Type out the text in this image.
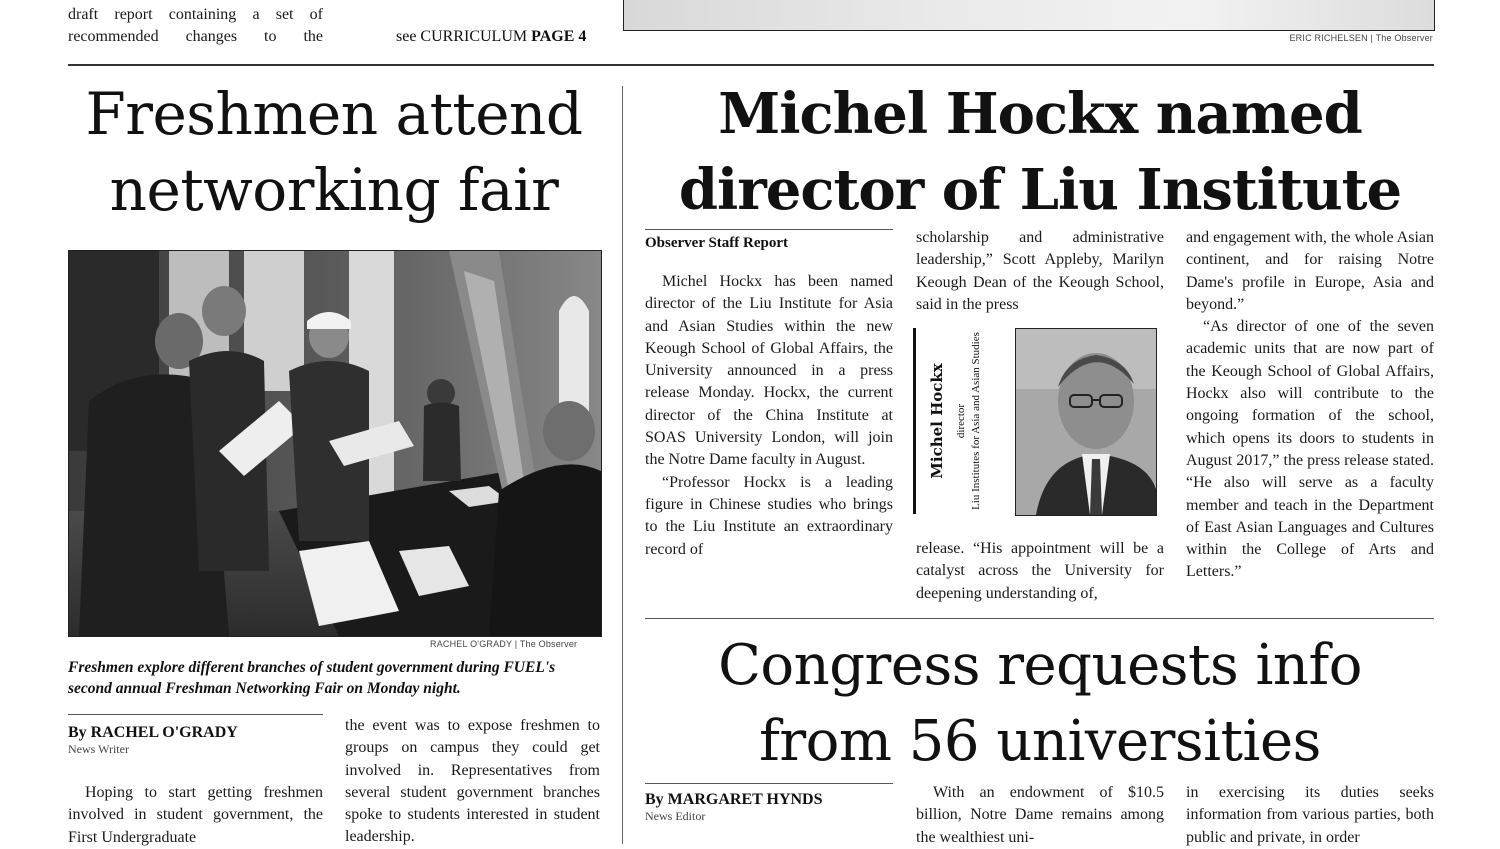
draft report containing a set of
recommended changes to the	see CURRICULUM PAGE 4	ERIC RICHELSEN | The Observer
Freshmen attend
networking fair
RACHEL O'GRADY | The Observer
Freshmen explore different branches of student government during FUEL's second annual Freshman Networking Fair on Monday night.
By RACHEL O'GRADY
News Writer

Hoping to start getting freshmen involved in student government, the First Undergraduate

the event was to expose freshmen to groups on campus they could get involved in. Representatives from several student government branches spoke to students interested in student leadership.

Michel Hockx named
director of Liu Institute
Observer Staff Report

Michel Hockx has been named director of the Liu Institute for Asia and Asian Studies within the new Keough School of Global Affairs, the University announced in a press release Monday. Hockx, the current director of the China Institute at SOAS University London, will join the Notre Dame faculty in August.

“Professor Hockx is a leading figure in Chinese studies who brings to the Liu Institute an extraordinary record of

scholarship and administrative leadership,” Scott Appleby, Marilyn Keough Dean of the Keough School, said in the press

Michel Hockx director Liu Institutes for Asia and Asian Studies

release. “His appointment will be a catalyst across the University for deepening understanding of,

and engagement with, the whole Asian continent, and for raising Notre Dame's profile in Europe, Asia and beyond.”

“As director of one of the seven academic units that are now part of the Keough School of Global Affairs, Hockx also will contribute to the ongoing formation of the school, which opens its doors to students in August 2017,” the press release stated. “He also will serve as a faculty member and teach in the Department of East Asian Languages and Cultures within the College of Arts and Letters.”

Congress requests info
from 56 universities
By MARGARET HYNDS
News Editor

With an endowment of $10.5 billion, Notre Dame remains among the wealthiest uni-

in exercising its duties seeks information from various parties, both public and private, in order
